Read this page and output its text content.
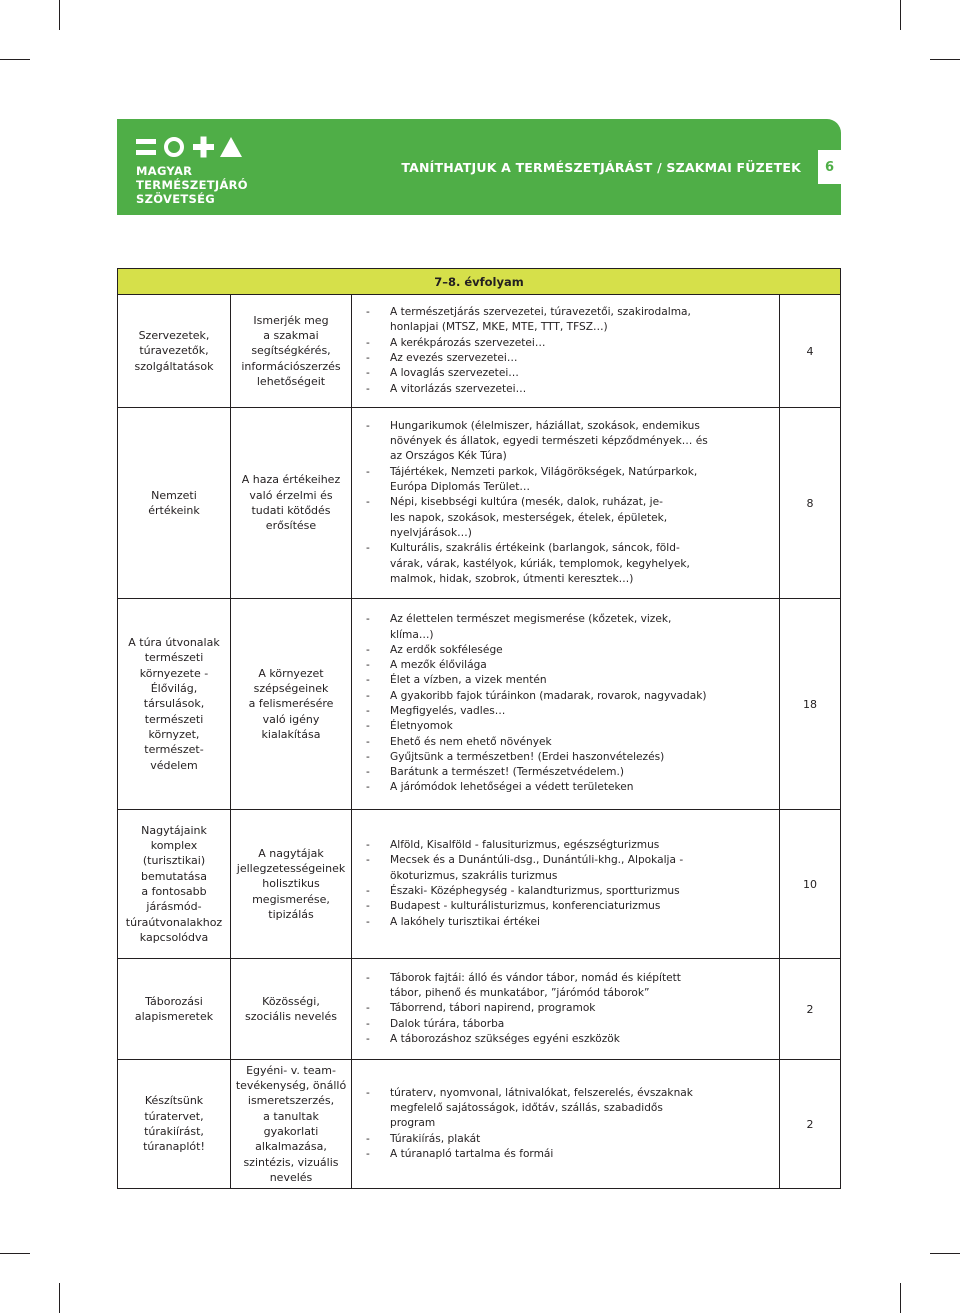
MAGYAR
TERMÉSZETJÁRÓ
SZÖVETSÉG
TANÍTHATJUK A TERMÉSZETJÁRÁST / SZAKMAI FÜZETEK	6
7–8. évfolyam
Szervezetek,
túravezetők,
szolgáltatások
Ismerjék meg
a szakmai
segítségkérés,
információszerzés
lehetőségeit
- A természetjárás szervezetei, túravezetői, szakirodalma,
honlapjai (MTSZ, MKE, MTE, TTT, TFSZ…)
- A kerékpározás szervezetei…
- Az evezés szervezetei…
- A lovaglás szervezetei…
- A vitorlázás szervezetei…
4
Nemzeti
értékeink
A haza értékeihez
való érzelmi és
tudati kötődés
erősítése
- Hungarikumok (élelmiszer, háziállat, szokások, endemikus
növények és állatok, egyedi természeti képződmények… és
az Országos Kék Túra)
- Tájértékek, Nemzeti parkok, Világörökségek, Natúrparkok,
Európa Diplomás Terület…
- Népi, kisebbségi kultúra (mesék, dalok, ruházat, je-
les napok, szokások, mesterségek, ételek, épületek,
nyelvjárások…)
- Kulturális, szakrális értékeink (barlangok, sáncok, föld-
várak, várak, kastélyok, kúriák, templomok, kegyhelyek,
malmok, hidak, szobrok, útmenti keresztek…)
8
A túra útvonalak
természeti
környezete -
Élővilág,
társulások,
természeti
környzet,
természet-
védelem
A környezet
szépségeinek
a felismerésére
való igény
kialakítása
- Az élettelen természet megismerése (kőzetek, vizek,
klíma…)
- Az erdők sokfélesége
- A mezők élővilága
- Élet a vízben, a vizek mentén
- A gyakoribb fajok túráinkon (madarak, rovarok, nagyvadak)
- Megfigyelés, vadles…
- Életnyomok
- Ehető és nem ehető növények
- Gyűjtsünk a természetben! (Erdei haszonvételezés)
- Barátunk a természet! (Természetvédelem.)
- A járómódok lehetőségei a védett területeken
18
Nagytájaink
komplex
(turisztikai)
bemutatása
a fontosabb
járásmód-
túraútvonalakhoz
kapcsolódva
A nagytájak
jellegzetességeinek
holisztikus
megismerése,
tipizálás
- Alföld, Kisalföld - falusiturizmus, egészségturizmus
- Mecsek és a Dunántúli-dsg., Dunántúli-khg., Alpokalja -
ökoturizmus, szakrális turizmus
- Északi- Középhegység - kalandturizmus, sportturizmus
- Budapest - kulturálisturizmus, konferenciaturizmus
- A lakóhely turisztikai értékei
10
Táborozási
alapismeretek
Közösségi,
szociális nevelés
- Táborok fajtái: álló és vándor tábor, nomád és kiépített
tábor, pihenő és munkatábor, ”járómód táborok”
- Táborrend, tábori napirend, programok
- Dalok túrára, táborba
- A táborozáshoz szükséges egyéni eszközök
2
Készítsünk
túratervet,
túrakiírást,
túranaplót!
Egyéni- v. team-
tevékenység, önálló
ismeretszerzés,
a tanultak gyakorlati
alkalmazása,
szintézis, vizuális
nevelés
- túraterv, nyomvonal, látnivalókat, felszerelés, évszaknak
megfelelő sajátosságok, időtáv, szállás, szabadidős
program
- Túrakiírás, plakát
- A túranapló tartalma és formái
2
